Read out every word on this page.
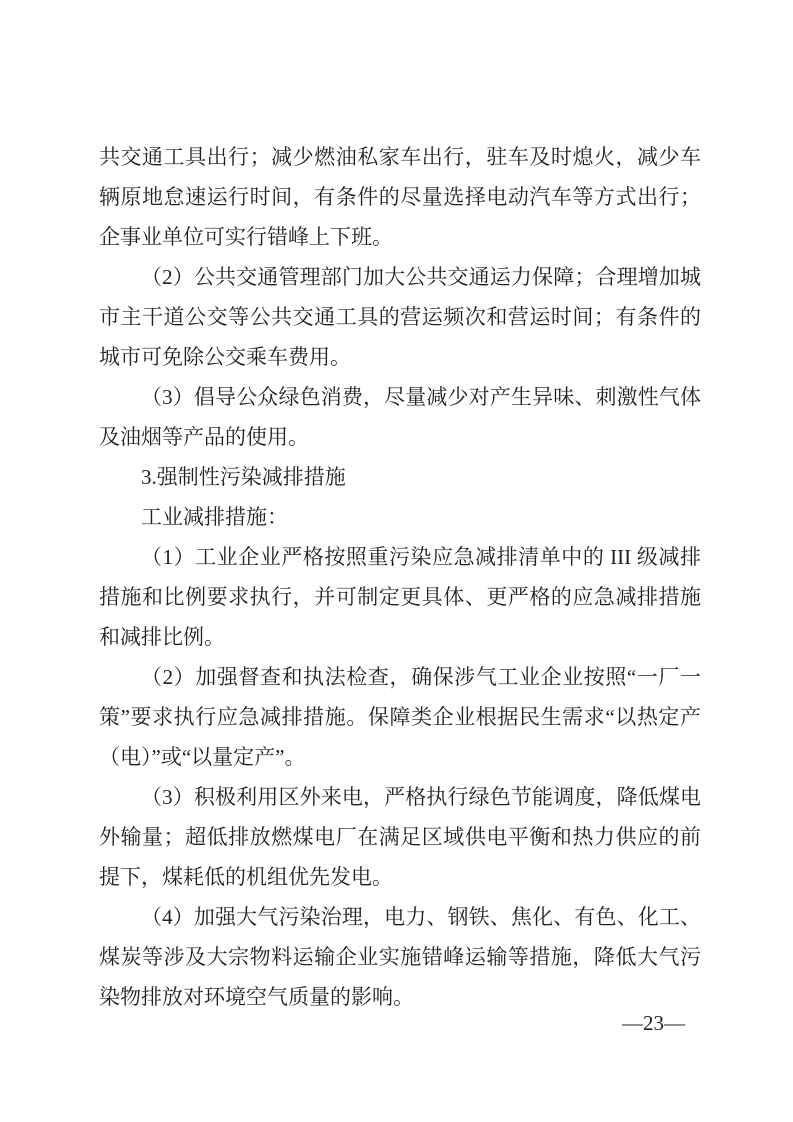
共交通工具出行；减少燃油私家车出行，驻车及时熄火，减少车辆原地怠速运行时间，有条件的尽量选择电动汽车等方式出行；企事业单位可实行错峰上下班。

（2）公共交通管理部门加大公共交通运力保障；合理增加城市主干道公交等公共交通工具的营运频次和营运时间；有条件的城市可免除公交乘车费用。

（3）倡导公众绿色消费，尽量减少对产生异味、刺激性气体及油烟等产品的使用。

3.强制性污染减排措施

工业减排措施：

（1）工业企业严格按照重污染应急减排清单中的 III 级减排措施和比例要求执行，并可制定更具体、更严格的应急减排措施和减排比例。

（2）加强督查和执法检查，确保涉气工业企业按照“一厂一策”要求执行应急减排措施。保障类企业根据民生需求“以热定产（电）”或“以量定产”。

（3）积极利用区外来电，严格执行绿色节能调度，降低煤电外输量；超低排放燃煤电厂在满足区域供电平衡和热力供应的前提下，煤耗低的机组优先发电。

（4）加强大气污染治理，电力、钢铁、焦化、有色、化工、煤炭等涉及大宗物料运输企业实施错峰运输等措施，降低大气污染物排放对环境空气质量的影响。

—23—
